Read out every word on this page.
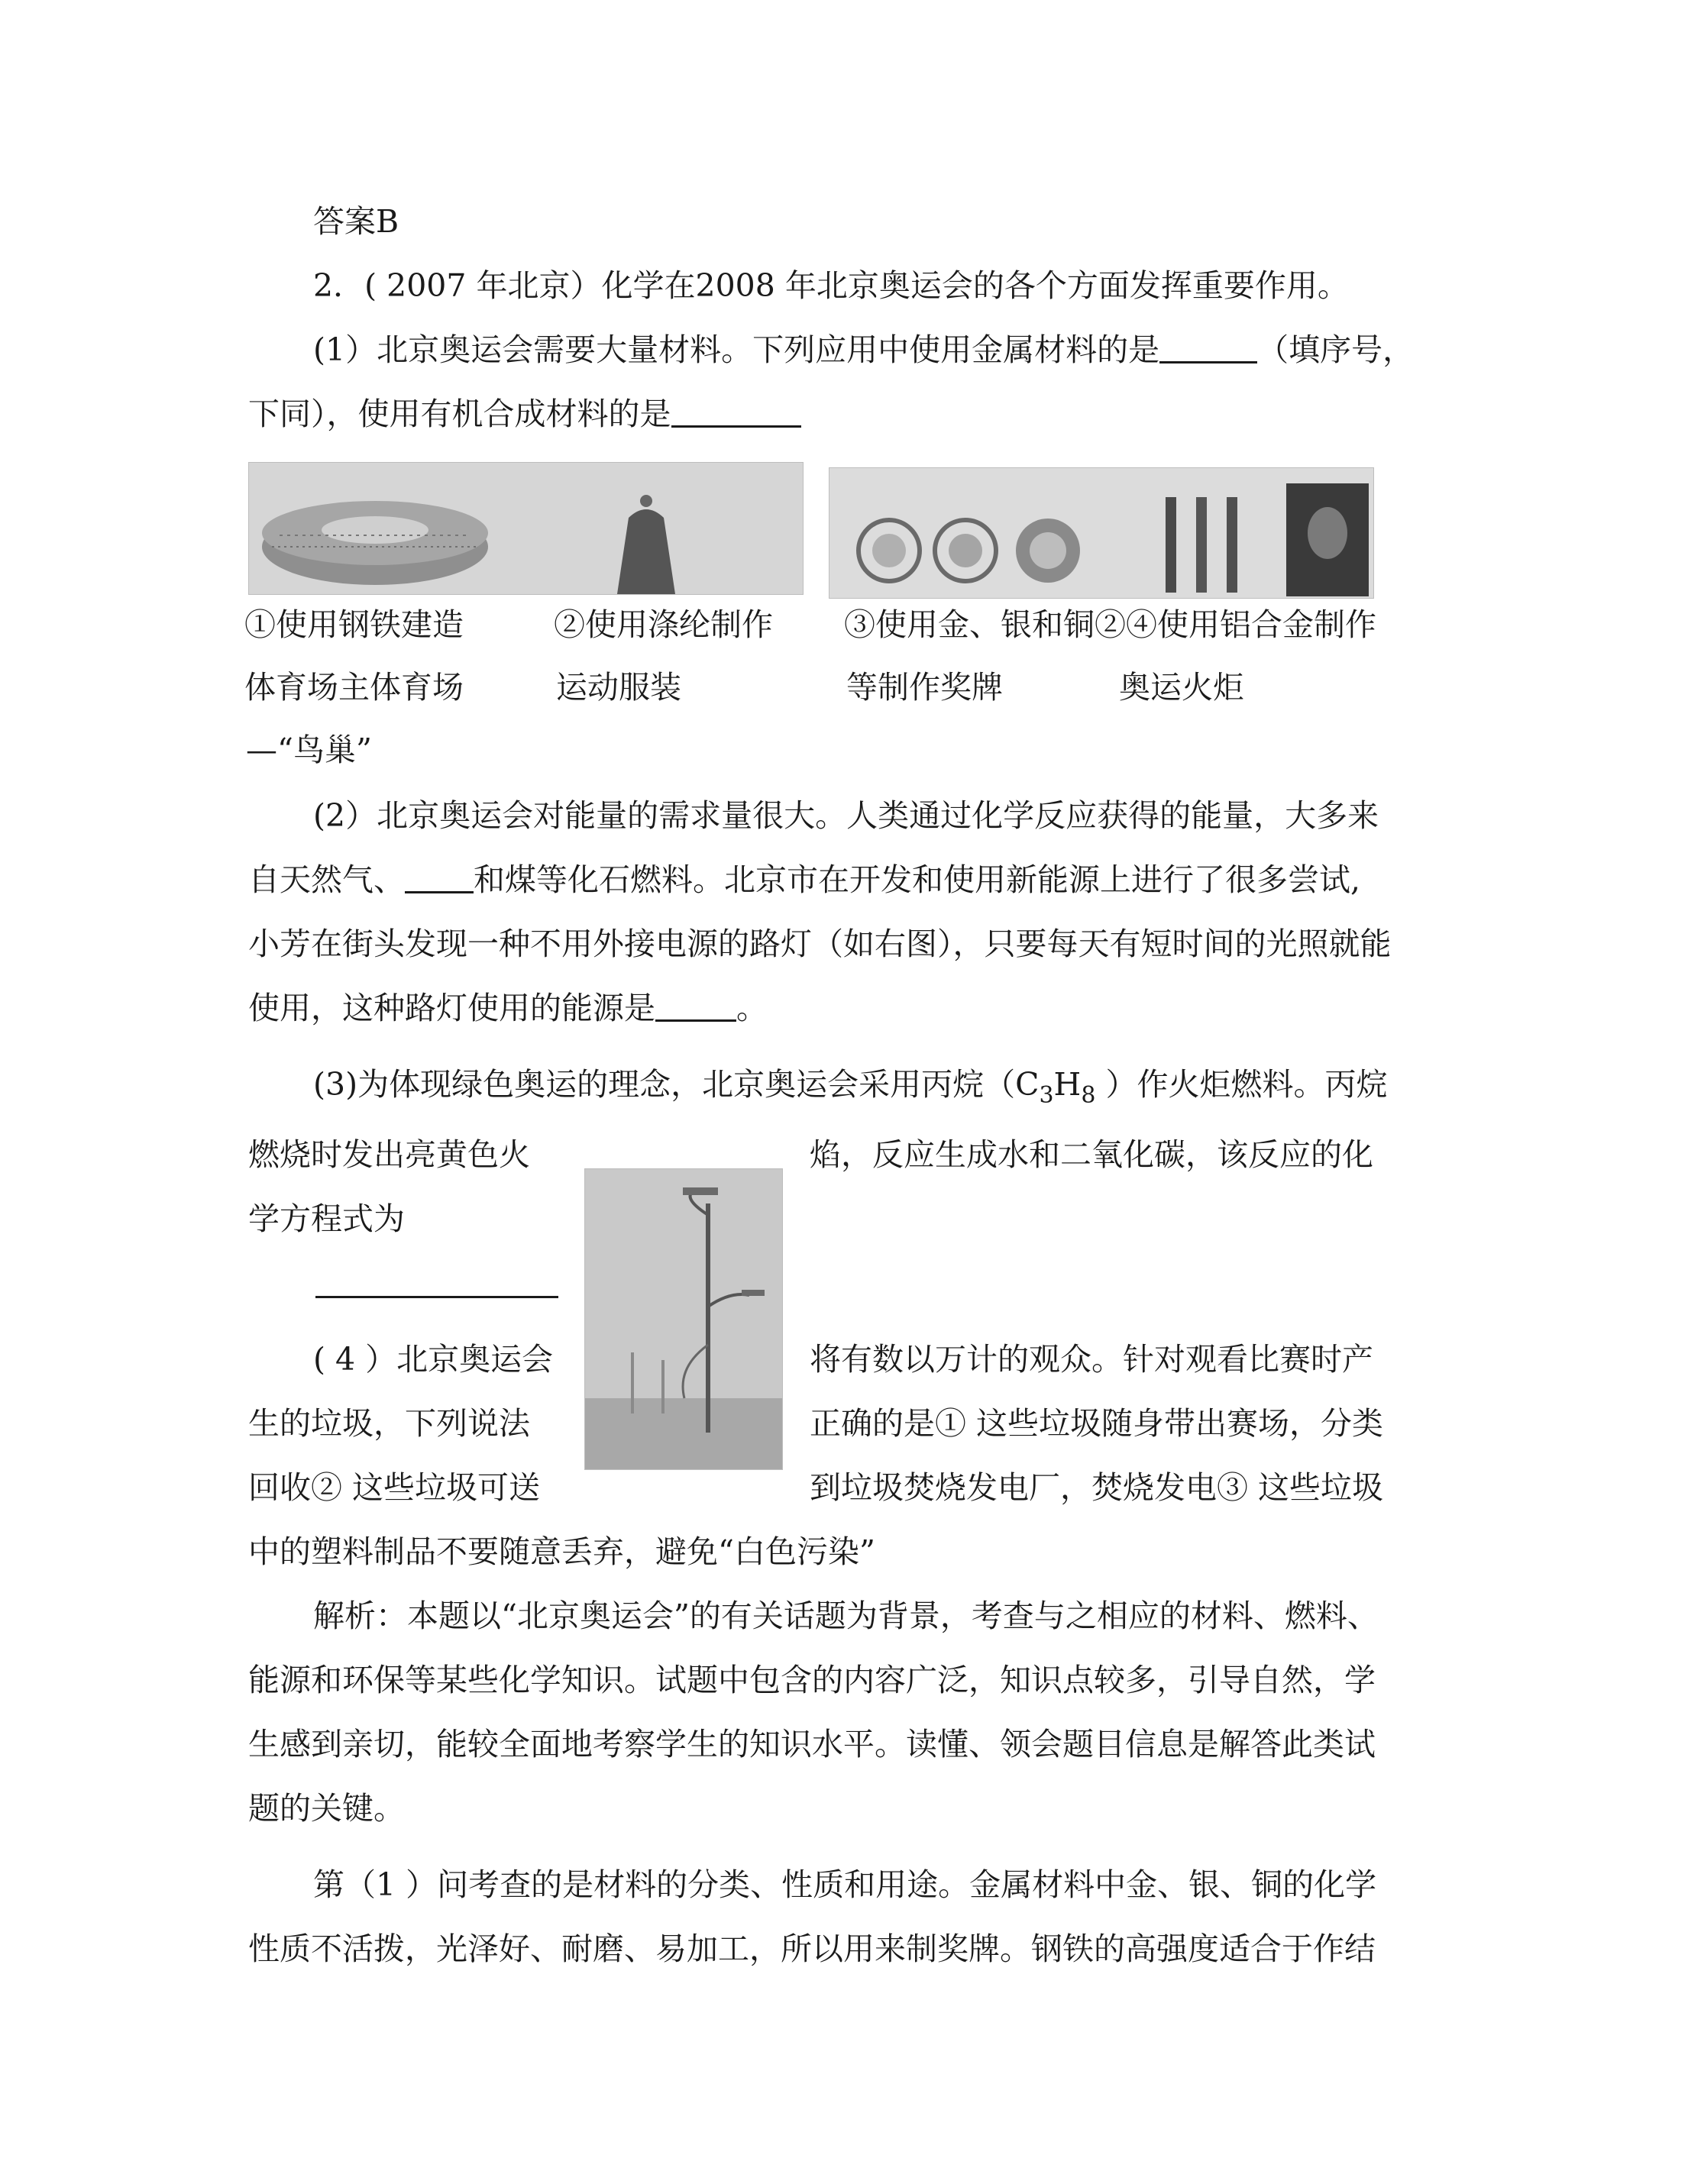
答案B
2．( 2007 年北京）化学在2008 年北京奥运会的各个方面发挥重要作用。
(1）北京奥运会需要大量材料。下列应用中使用金属材料的是	（填序号，
下同），使用有机合成材料的是
①使用钢铁建造
体育场主体育场
—“鸟巢”
②使用涤纶制作
运动服装
③使用金、银和铜②④使用铝合金制作
等制作奖牌	奥运火炬
(2）北京奥运会对能量的需求量很大。人类通过化学反应获得的能量，大多来
自天然气、 和煤等化石燃料。北京市在开发和使用新能源上进行了很多尝试,
小芳在街头发现一种不用外接电源的路灯（如右图），只要每天有短时间的光照就能
使用，这种路灯使用的能源是	。
(3)为体现绿色奥运的理念，北京奥运会采用丙烷（$C_3H_8$ ）作火炬燃料。丙烷
燃烧时发出亮黄色火	焰，反应生成水和二氧化碳，该反应的化
学方程式为
( 4 ）北京奥运会	将有数以万计的观众。针对观看比赛时产
生的垃圾，下列说法	正确的是① 这些垃圾随身带出赛场，分类
回收② 这些垃圾可送	到垃圾焚烧发电厂，焚烧发电③ 这些垃圾
中的塑料制品不要随意丢弃，避免“白色污染”
解析：本题以“北京奥运会”的有关话题为背景，考查与之相应的材料、燃料、
能源和环保等某些化学知识。试题中包含的内容广泛，知识点较多，引导自然，学
生感到亲切，能较全面地考察学生的知识水平。读懂、领会题目信息是解答此类试
题的关键。
第（1 ）问考查的是材料的分类、性质和用途。金属材料中金、银、铜的化学
性质不活拨，光泽好、耐磨、易加工，所以用来制奖牌。钢铁的高强度适合于作结
